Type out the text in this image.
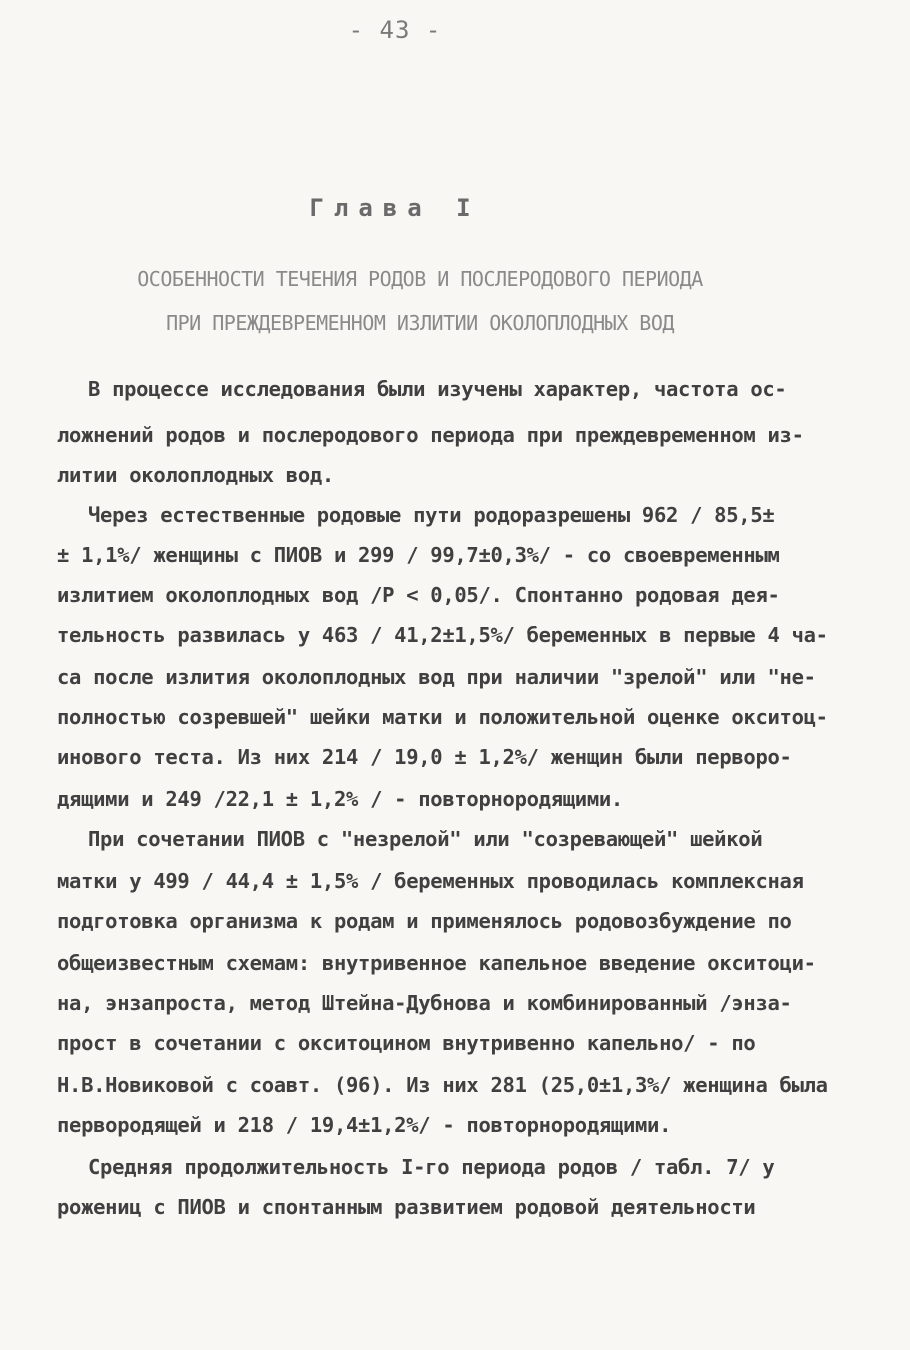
- 43 -
Глава I
ОСОБЕННОСТИ ТЕЧЕНИЯ РОДОВ И ПОСЛЕРОДОВОГО ПЕРИОДА
ПРИ ПРЕЖДЕВРЕМЕННОМ ИЗЛИТИИ ОКОЛОПЛОДНЫХ ВОД
В процессе исследования были изучены характер, частота ос-
ложнений родов и послеродового периода при преждевременном из-
литии околоплодных вод.
Через естественные родовые пути родоразрешены 962 / 85,5±
± 1,1%/ женщины с ПИОВ и 299 / 99,7±0,3%/ - со своевременным
излитием околоплодных вод /Р < 0,05/. Спонтанно родовая дея-
тельность развилась у 463 / 41,2±1,5%/ беременных в первые 4 ча-
са после излития околоплодных вод при наличии "зрелой" или "не-
полностью созревшей" шейки матки и положительной оценке окситоц-
инового теста. Из них 214 / 19,0 ± 1,2%/ женщин были перворо-
дящими и 249 /22,1 ± 1,2% / - повторнородящими.
При сочетании ПИОВ с "незрелой" или "созревающей" шейкой
матки у 499 / 44,4 ± 1,5% / беременных проводилась комплексная
подготовка организма к родам и применялось родовозбуждение по
общеизвестным схемам: внутривенное капельное введение окситоци-
на, энзапроста, метод Штейна-Дубнова и комбинированный /энза-
прост в сочетании с окситоцином внутривенно капельно/ - по
Н.В.Новиковой с соавт. (96). Из них 281 (25,0±1,3%/ женщина была
первородящей и 218 / 19,4±1,2%/ - повторнородящими.
Средняя продолжительность I-го периода родов / табл. 7/ у
рожениц с ПИОВ и спонтанным развитием родовой деятельности
